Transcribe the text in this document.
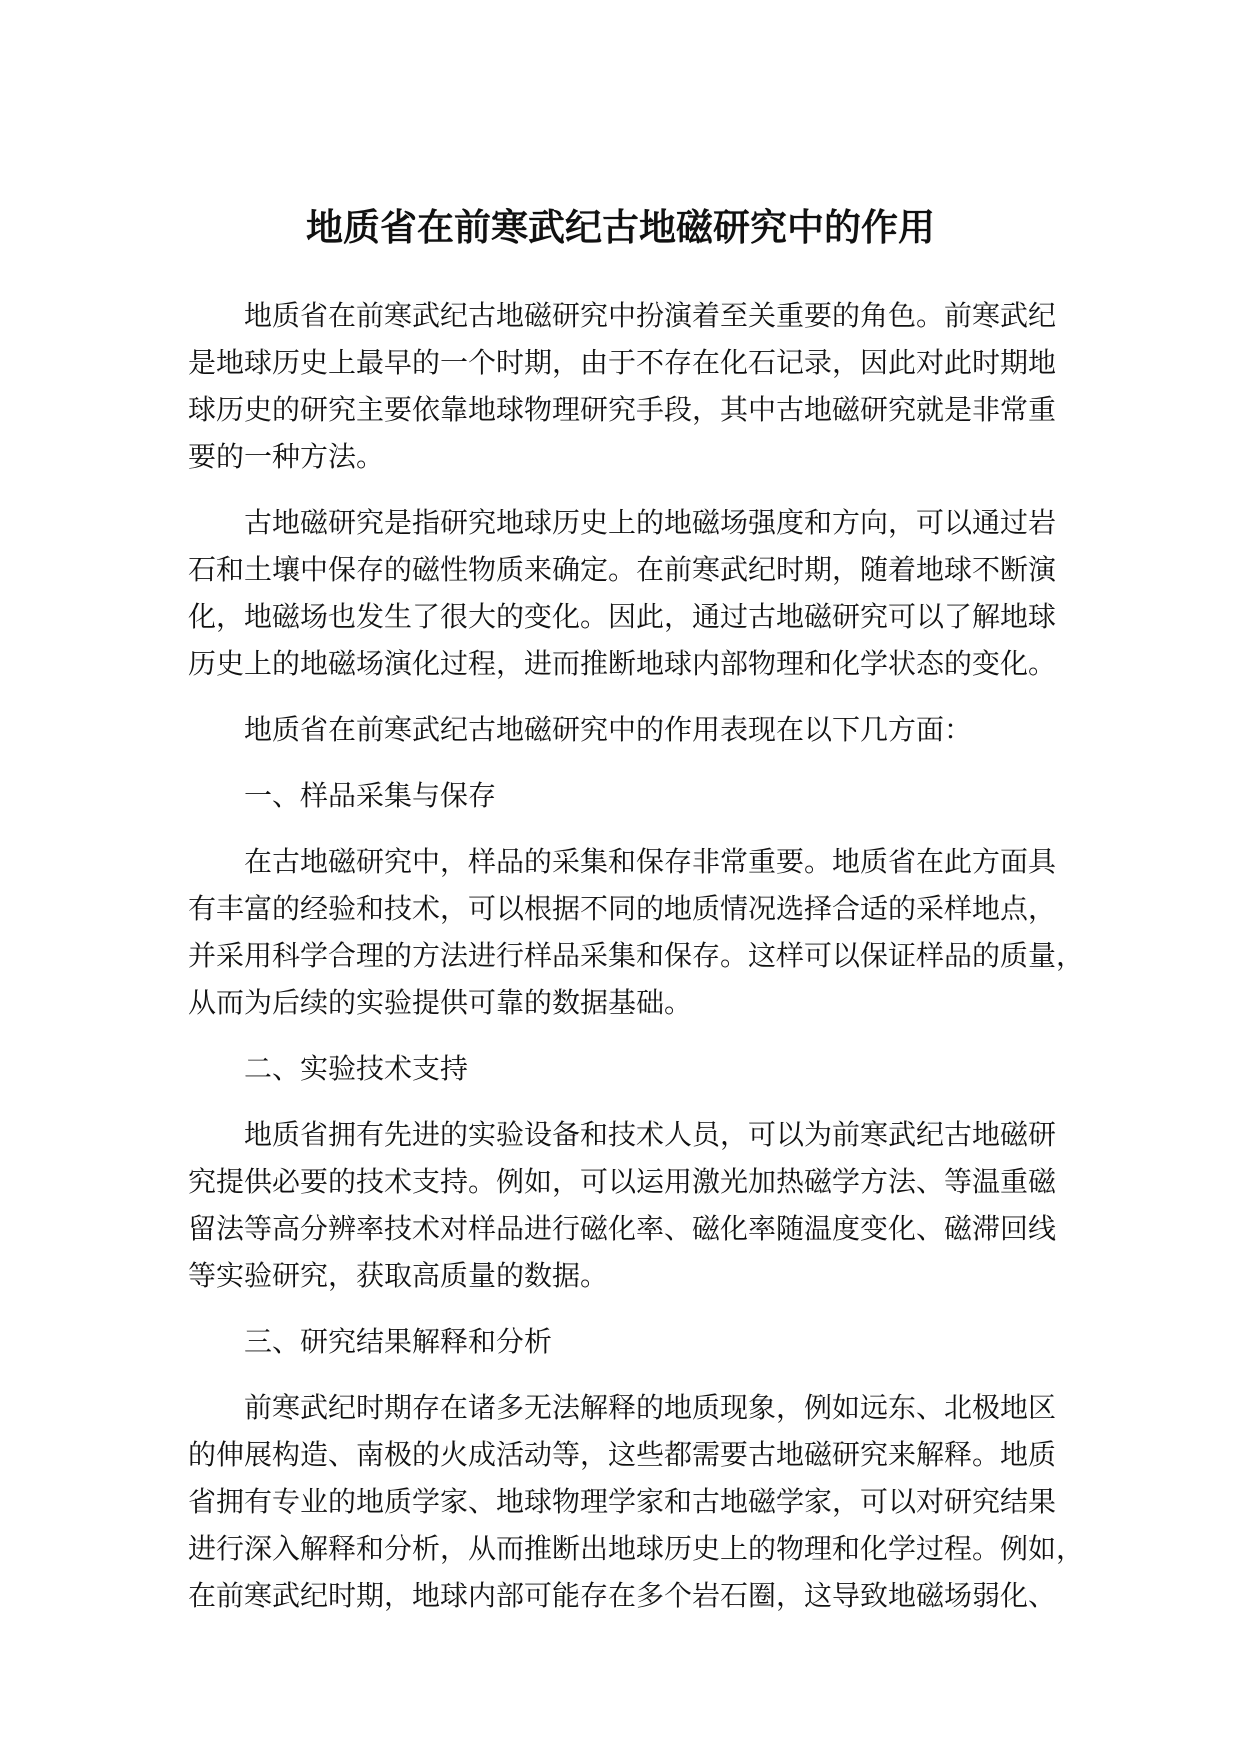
地质省在前寒武纪古地磁研究中的作用
地质省在前寒武纪古地磁研究中扮演着至关重要的角色。前寒武纪
是地球历史上最早的一个时期，由于不存在化石记录，因此对此时期地
球历史的研究主要依靠地球物理研究手段，其中古地磁研究就是非常重
要的一种方法。
古地磁研究是指研究地球历史上的地磁场强度和方向，可以通过岩
石和土壤中保存的磁性物质来确定。在前寒武纪时期，随着地球不断演
化，地磁场也发生了很大的变化。因此，通过古地磁研究可以了解地球
历史上的地磁场演化过程，进而推断地球内部物理和化学状态的变化。
地质省在前寒武纪古地磁研究中的作用表现在以下几方面：
一、样品采集与保存
在古地磁研究中，样品的采集和保存非常重要。地质省在此方面具
有丰富的经验和技术，可以根据不同的地质情况选择合适的采样地点，
并采用科学合理的方法进行样品采集和保存。这样可以保证样品的质量，
从而为后续的实验提供可靠的数据基础。
二、实验技术支持
地质省拥有先进的实验设备和技术人员，可以为前寒武纪古地磁研
究提供必要的技术支持。例如，可以运用激光加热磁学方法、等温重磁
留法等高分辨率技术对样品进行磁化率、磁化率随温度变化、磁滞回线
等实验研究，获取高质量的数据。
三、研究结果解释和分析
前寒武纪时期存在诸多无法解释的地质现象，例如远东、北极地区
的伸展构造、南极的火成活动等，这些都需要古地磁研究来解释。地质
省拥有专业的地质学家、地球物理学家和古地磁学家，可以对研究结果
进行深入解释和分析，从而推断出地球历史上的物理和化学过程。例如，
在前寒武纪时期，地球内部可能存在多个岩石圈，这导致地磁场弱化、
